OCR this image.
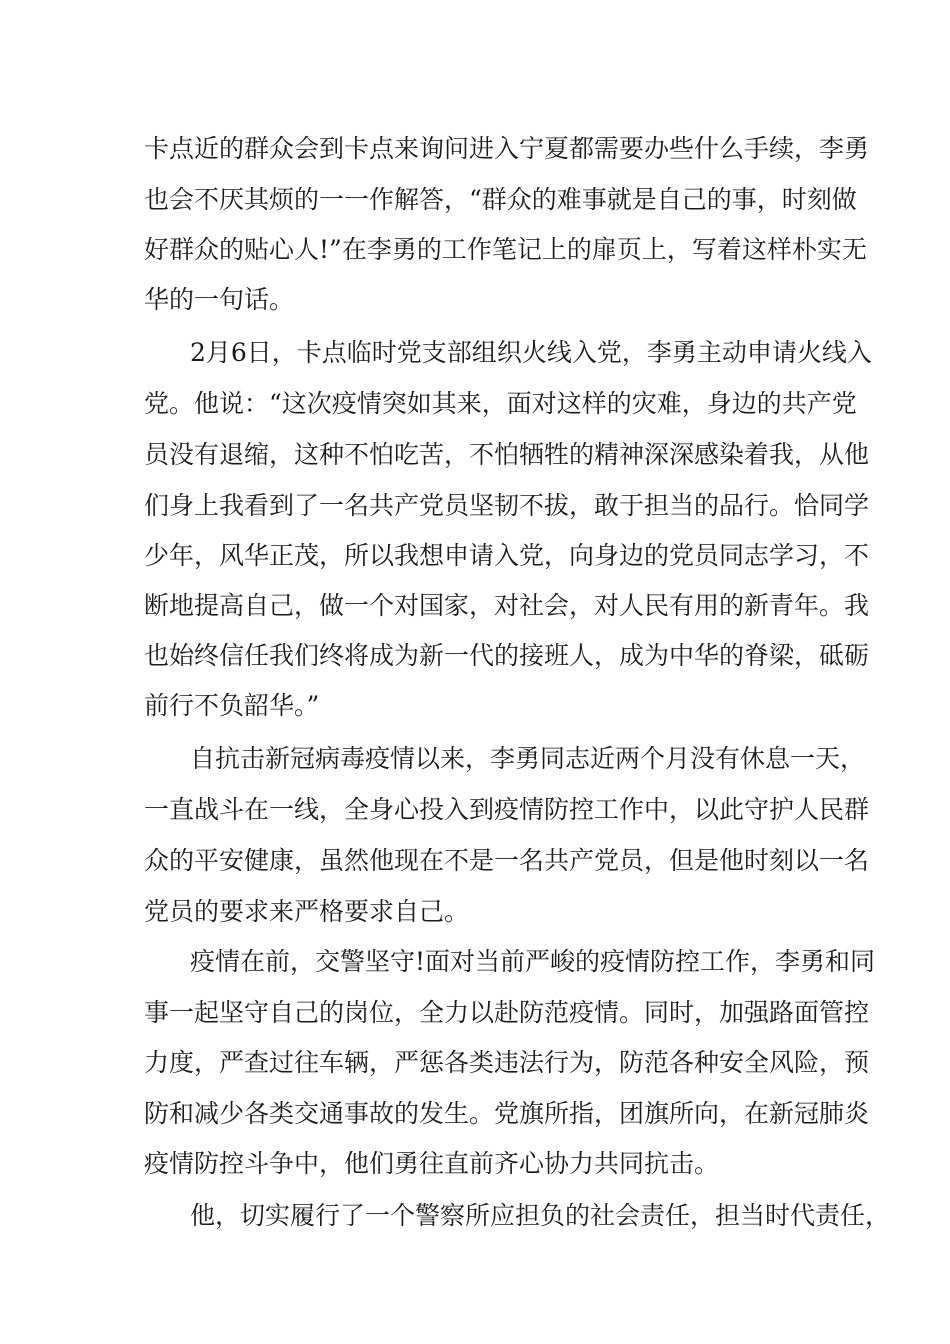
卡点近的群众会到卡点来询问进入宁夏都需要办些什么手续，李勇
也会不厌其烦的一一作解答，“群众的难事就是自己的事，时刻做
好群众的贴心人!”在李勇的工作笔记上的扉页上，写着这样朴实无
华的一句话。
2月6日，卡点临时党支部组织火线入党，李勇主动申请火线入
党。他说：“这次疫情突如其来，面对这样的灾难，身边的共产党
员没有退缩，这种不怕吃苦，不怕牺牲的精神深深感染着我，从他
们身上我看到了一名共产党员坚韧不拔，敢于担当的品行。恰同学
少年，风华正茂，所以我想申请入党，向身边的党员同志学习，不
断地提高自己，做一个对国家，对社会，对人民有用的新青年。我
也始终信任我们终将成为新一代的接班人，成为中华的脊梁，砥砺
前行不负韶华。”
自抗击新冠病毒疫情以来，李勇同志近两个月没有休息一天，
一直战斗在一线，全身心投入到疫情防控工作中，以此守护人民群
众的平安健康，虽然他现在不是一名共产党员，但是他时刻以一名
党员的要求来严格要求自己。
疫情在前，交警坚守!面对当前严峻的疫情防控工作，李勇和同
事一起坚守自己的岗位，全力以赴防范疫情。同时，加强路面管控
力度，严查过往车辆，严惩各类违法行为，防范各种安全风险，预
防和减少各类交通事故的发生。党旗所指，团旗所向，在新冠肺炎
疫情防控斗争中，他们勇往直前齐心协力共同抗击。
他，切实履行了一个警察所应担负的社会责任，担当时代责任，
